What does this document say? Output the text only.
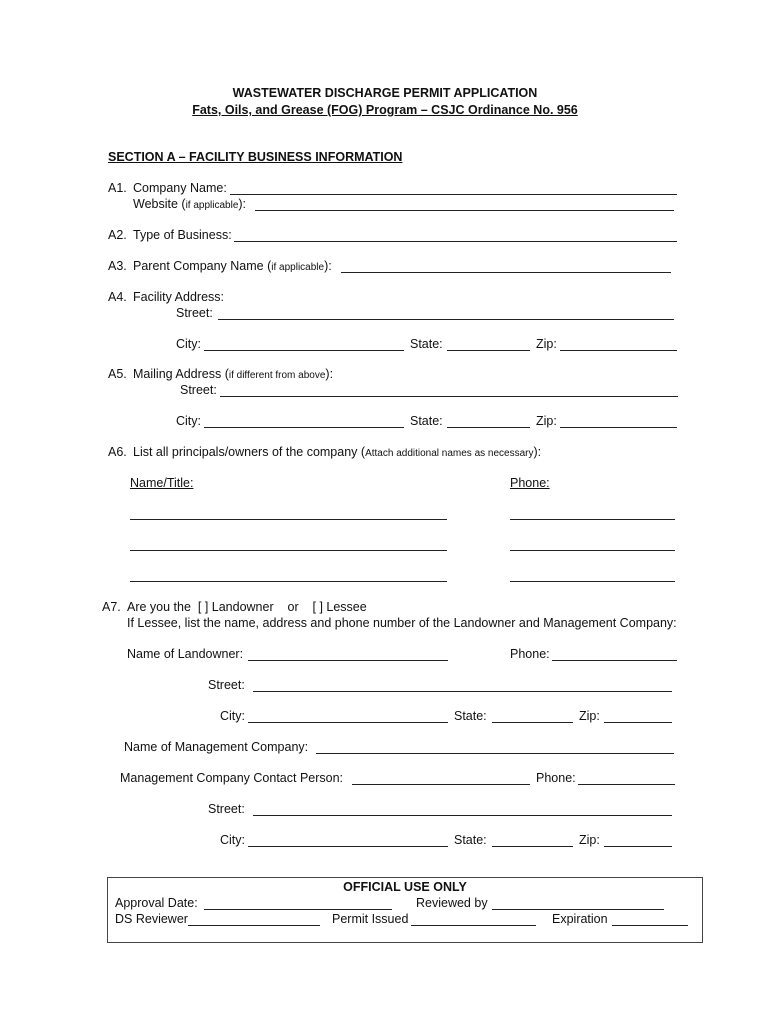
WASTEWATER DISCHARGE PERMIT APPLICATION
Fats, Oils, and Grease (FOG) Program – CSJC Ordinance No. 956
SECTION A – FACILITY BUSINESS INFORMATION
A1. Company Name:
Website (if applicable):
A2. Type of Business:
A3. Parent Company Name (if applicable):
A4. Facility Address:
Street:
City:	State:	Zip:
A5. Mailing Address (if different from above):
Street:
City:	State:	Zip:
A6. List all principals/owners of the company (Attach additional names as necessary):
Name/Title:	Phone:
A7. Are you the  [ ] Landowner    or    [ ] Lessee
If Lessee, list the name, address and phone number of the Landowner and Management Company:
Name of Landowner:	Phone:
Street:
City:	State:	Zip:
Name of Management Company:
Management Company Contact Person:	Phone:
Street:
City:	State:	Zip:
OFFICIAL USE ONLY
Approval Date:	Reviewed by
DS Reviewer	Permit Issued	Expiration
